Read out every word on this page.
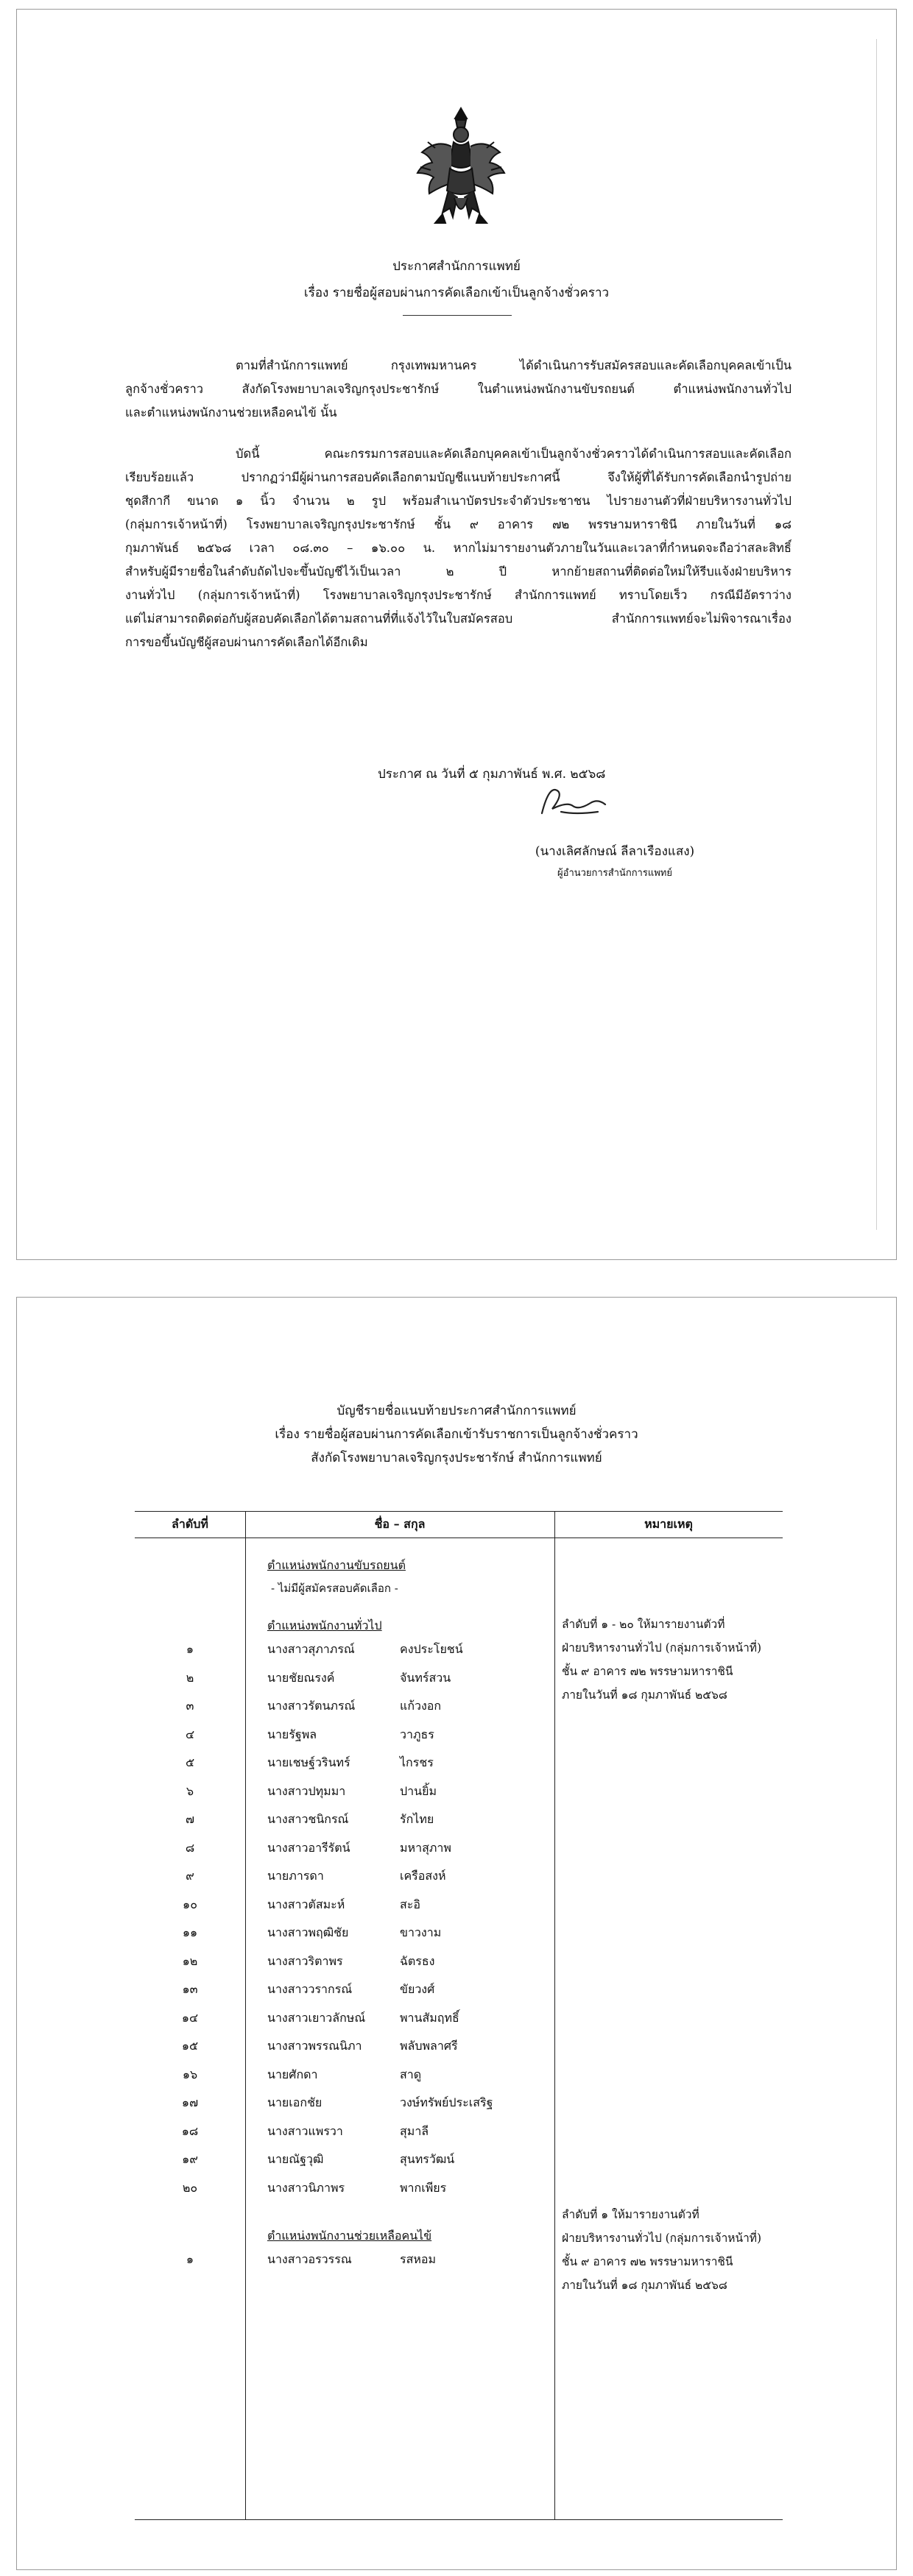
ประกาศสำนักการแพทย์
เรื่อง รายชื่อผู้สอบผ่านการคัดเลือกเข้าเป็นลูกจ้างชั่วคราว
ตามที่สำนักการแพทย์ กรุงเทพมหานคร ได้ดำเนินการรับสมัครสอบและคัดเลือกบุคคลเข้าเป็น
ลูกจ้างชั่วคราว สังกัดโรงพยาบาลเจริญกรุงประชารักษ์ ในตำแหน่งพนักงานขับรถยนต์ ตำแหน่งพนักงานทั่วไป
และตำแหน่งพนักงานช่วยเหลือคนไข้ นั้น
บัดนี้ คณะกรรมการสอบและคัดเลือกบุคคลเข้าเป็นลูกจ้างชั่วคราวได้ดำเนินการสอบและคัดเลือก
เรียบร้อยแล้ว ปรากฏว่ามีผู้ผ่านการสอบคัดเลือกตามบัญชีแนบท้ายประกาศนี้ จึงให้ผู้ที่ได้รับการคัดเลือกนำรูปถ่าย
ชุดสีกากี ขนาด ๑ นิ้ว จำนวน ๒ รูป พร้อมสำเนาบัตรประจำตัวประชาชน ไปรายงานตัวที่ฝ่ายบริหารงานทั่วไป
(กลุ่มการเจ้าหน้าที่) โรงพยาบาลเจริญกรุงประชารักษ์ ชั้น ๙ อาคาร ๗๒ พรรษามหาราชินี ภายในวันที่ ๑๘
กุมภาพันธ์ ๒๕๖๘ เวลา ๐๘.๓๐ – ๑๖.๐๐ น. หากไม่มารายงานตัวภายในวันและเวลาที่กำหนดจะถือว่าสละสิทธิ์
สำหรับผู้มีรายชื่อในลำดับถัดไปจะขึ้นบัญชีไว้เป็นเวลา ๒ ปี หากย้ายสถานที่ติดต่อใหม่ให้รีบแจ้งฝ่ายบริหาร
งานทั่วไป (กลุ่มการเจ้าหน้าที่) โรงพยาบาลเจริญกรุงประชารักษ์ สำนักการแพทย์ ทราบโดยเร็ว กรณีมีอัตราว่าง
แต่ไม่สามารถติดต่อกับผู้สอบคัดเลือกได้ตามสถานที่ที่แจ้งไว้ในใบสมัครสอบ สำนักการแพทย์จะไม่พิจารณาเรื่อง
การขอขึ้นบัญชีผู้สอบผ่านการคัดเลือกได้อีกเดิม
ประกาศ ณ วันที่ ๕ กุมภาพันธ์ พ.ศ. ๒๕๖๘
(นางเลิศลักษณ์ ลีลาเรืองแสง)
ผู้อำนวยการสำนักการแพทย์
บัญชีรายชื่อแนบท้ายประกาศสำนักการแพทย์
เรื่อง รายชื่อผู้สอบผ่านการคัดเลือกเข้ารับราชการเป็นลูกจ้างชั่วคราว
สังกัดโรงพยาบาลเจริญกรุงประชารักษ์ สำนักการแพทย์
ลำดับที่	ชื่อ – สกุล	หมายเหตุ
ตำแหน่งพนักงานขับรถยนต์
- ไม่มีผู้สมัครสอบคัดเลือก -
ตำแหน่งพนักงานทั่วไป	ลำดับที่ ๑ - ๒๐ ให้มารายงานตัวที่
ฝ่ายบริหารงานทั่วไป (กลุ่มการเจ้าหน้าที่)
ชั้น ๙ อาคาร ๗๒ พรรษามหาราชินี
ภายในวันที่ ๑๘ กุมภาพันธ์ ๒๕๖๘
๑	นางสาวสุภาภรณ์	คงประโยชน์
๒	นายชัยณรงค์	จันทร์สวน
๓	นางสาวรัตนภรณ์	แก้วงอก
๔	นายรัฐพล	วาภูธร
๕	นายเชษฐ์วรินทร์	ไกรชร
๖	นางสาวปทุมมา	ปานยิ้ม
๗	นางสาวชนิกรณ์	รักไทย
๘	นางสาวอารีรัตน์	มหาสุภาพ
๙	นายภารดา	เครือสงห์
๑๐	นางสาวตัสมะห์	สะอิ
๑๑	นางสาวพฤฒิชัย	ขาวงาม
๑๒	นางสาวริตาพร	ฉัตรธง
๑๓	นางสาววรากรณ์	ขัยวงศ์
๑๔	นางสาวเยาวลักษณ์	พานสัมฤทธิ์
๑๕	นางสาวพรรณนิภา	พลับพลาศรี
๑๖	นายศักดา	สาดู
๑๗	นายเอกชัย	วงษ์ทรัพย์ประเสริฐ
๑๘	นางสาวแพรวา	สุมาลี
๑๙	นายณัฐวุฒิ	สุนทรวัฒน์
๒๐	นางสาวนิภาพร	พากเพียร
ตำแหน่งพนักงานช่วยเหลือคนไข้
๑	นางสาวอรวรรณ	รสหอม
ลำดับที่ ๑ ให้มารายงานตัวที่
ฝ่ายบริหารงานทั่วไป (กลุ่มการเจ้าหน้าที่)
ชั้น ๙ อาคาร ๗๒ พรรษามหาราชินี
ภายในวันที่ ๑๘ กุมภาพันธ์ ๒๕๖๘
